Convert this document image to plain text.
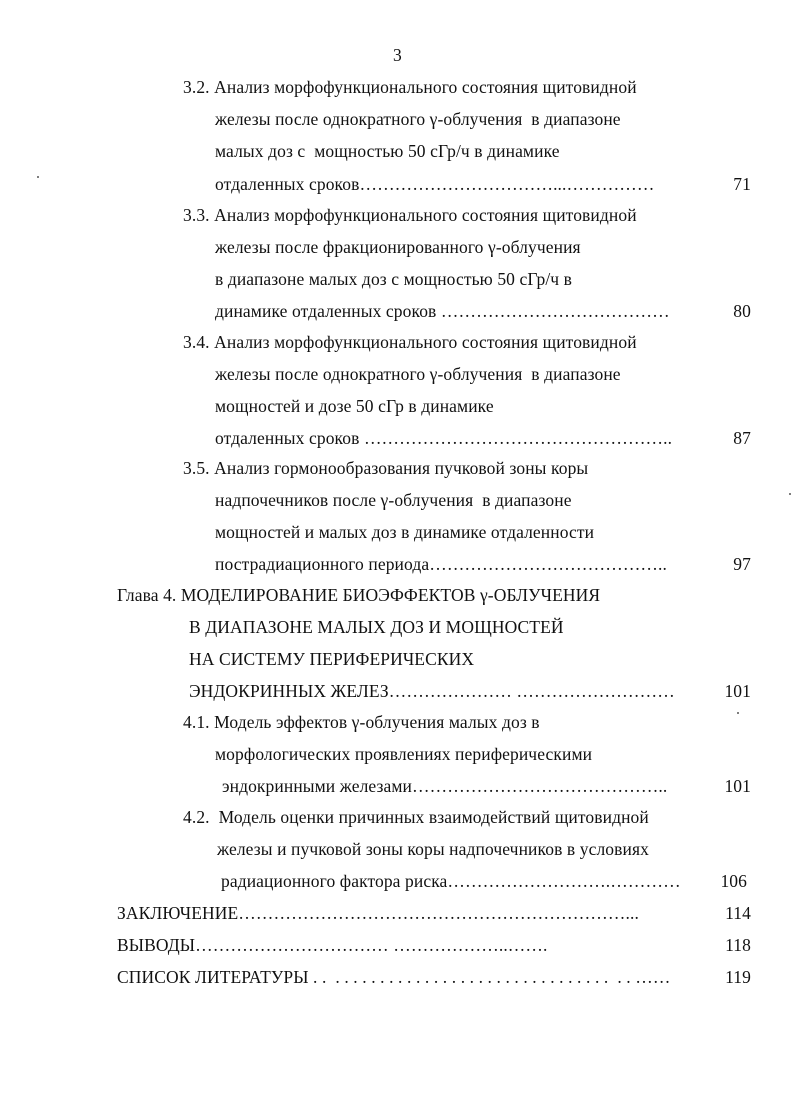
3
3.2. Анализ морфофункционального состояния щитовидной
железы после однократного γ-облучения  в диапазоне
малых доз с  мощностью 50 сГр/ч в динамике
отдаленных сроков ……………………………...……………	71
3.3. Анализ морфофункционального состояния щитовидной
железы после фракционированного γ-облучения
в диапазоне малых доз с мощностью 50 сГр/ч в
динамике отдаленных сроков …………………………………	80
3.4. Анализ морфофункционального состояния щитовидной
железы после однократного γ-облучения  в диапазоне
мощностей и дозе 50 сГр в динамике
отдаленных сроков ……………………………………………..	87
3.5. Анализ гормонообразования пучковой зоны коры
надпочечников после γ-облучения  в диапазоне
мощностей и малых доз в динамике отдаленности
пострадиационного периода …………………………………..	97
Глава 4. МОДЕЛИРОВАНИЕ БИОЭФФЕКТОВ γ-ОБЛУЧЕНИЯ
В ДИАПАЗОНЕ МАЛЫХ ДОЗ И МОЩНОСТЕЙ
НА СИСТЕМУ ПЕРИФЕРИЧЕСКИХ
ЭНДОКРИННЫХ ЖЕЛЕЗ ………………… ………………………	101
4.1. Модель эффектов γ-облучения малых доз в
морфологических проявлениях периферическими
эндокринными железами ……………………………………..	101
4.2.  Модель оценки причинных взаимодействий щитовидной
железы и пучковой зоны коры надпочечников в условиях
радиационного фактора риска ……………………….…………	106
ЗАКЛЮЧЕНИЕ …………………………………………………………...	114
ВЫВОДЫ …………………………… ………………..…….	118
СПИСОК ЛИТЕРАТУРЫ . .  . . . . . . . . . . . . . . . . . . . . . . . . . . . . . . .  . . ……	119
